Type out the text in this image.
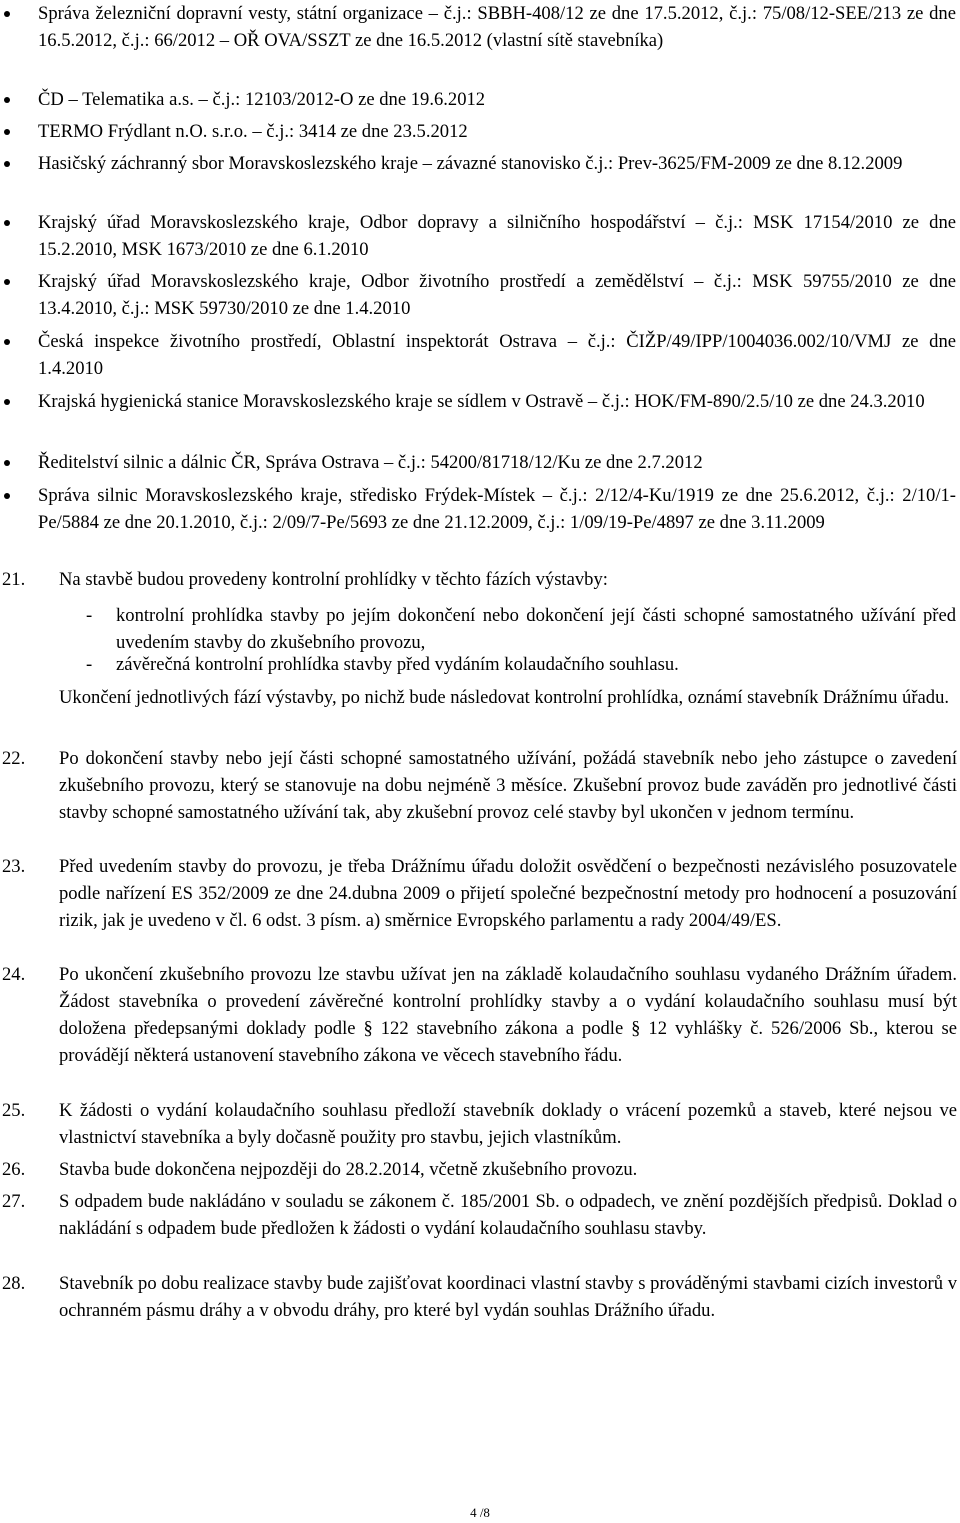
Správa železniční dopravní vesty, státní organizace – č.j.: SBBH-408/12 ze dne 17.5.2012, č.j.: 75/08/12-SEE/213 ze dne 16.5.2012, č.j.: 66/2012 – OŘ OVA/SSZT ze dne 16.5.2012 (vlastní sítě stavebníka)
ČD – Telematika a.s. – č.j.: 12103/2012-O ze dne 19.6.2012
TERMO Frýdlant n.O. s.r.o. – č.j.: 3414 ze dne 23.5.2012
Hasičský záchranný sbor Moravskoslezského kraje – závazné stanovisko č.j.: Prev-3625/FM-2009 ze dne 8.12.2009
Krajský úřad Moravskoslezského kraje, Odbor dopravy a silničního hospodářství – č.j.: MSK 17154/2010 ze dne 15.2.2010, MSK 1673/2010 ze dne 6.1.2010
Krajský úřad Moravskoslezského kraje, Odbor životního prostředí a zemědělství – č.j.: MSK 59755/2010 ze dne 13.4.2010, č.j.: MSK 59730/2010 ze dne 1.4.2010
Česká inspekce životního prostředí, Oblastní inspektorát Ostrava – č.j.: ČIŽP/49/IPP/1004036.002/10/VMJ ze dne 1.4.2010
Krajská hygienická stanice Moravskoslezského kraje se sídlem v Ostravě – č.j.: HOK/FM-890/2.5/10 ze dne 24.3.2010
Ředitelství silnic a dálnic ČR, Správa Ostrava – č.j.: 54200/81718/12/Ku ze dne 2.7.2012
Správa silnic Moravskoslezského kraje, středisko Frýdek-Místek – č.j.: 2/12/4-Ku/1919 ze dne 25.6.2012, č.j.: 2/10/1-Pe/5884 ze dne 20.1.2010, č.j.: 2/09/7-Pe/5693 ze dne 21.12.2009, č.j.: 1/09/19-Pe/4897 ze dne 3.11.2009
21. Na stavbě budou provedeny kontrolní prohlídky v těchto fázích výstavby:
- kontrolní prohlídka stavby po jejím dokončení nebo dokončení její části schopné samostatného užívání před uvedením stavby do zkušebního provozu,
- závěrečná kontrolní prohlídka stavby před vydáním kolaudačního souhlasu.
Ukončení jednotlivých fází výstavby, po nichž bude následovat kontrolní prohlídka, oznámí stavebník Drážnímu úřadu.
22. Po dokončení stavby nebo její části schopné samostatného užívání, požádá stavebník nebo jeho zástupce o zavedení zkušebního provozu, který se stanovuje na dobu nejméně 3 měsíce. Zkušební provoz bude zaváděn pro jednotlivé části stavby schopné samostatného užívání tak, aby zkušební provoz celé stavby byl ukončen v jednom termínu.
23. Před uvedením stavby do provozu, je třeba Drážnímu úřadu doložit osvědčení o bezpečnosti nezávislého posuzovatele podle nařízení ES 352/2009 ze dne 24.dubna 2009 o přijetí společné bezpečnostní metody pro hodnocení a posuzování rizik, jak je uvedeno v čl. 6 odst. 3 písm. a) směrnice Evropského parlamentu a rady 2004/49/ES.
24. Po ukončení zkušebního provozu lze stavbu užívat jen na základě kolaudačního souhlasu vydaného Drážním úřadem. Žádost stavebníka o provedení závěrečné kontrolní prohlídky stavby a o vydání kolaudačního souhlasu musí být doložena předepsanými doklady podle § 122 stavebního zákona a podle § 12 vyhlášky č. 526/2006 Sb., kterou se provádějí některá ustanovení stavebního zákona ve věcech stavebního řádu.
25. K žádosti o vydání kolaudačního souhlasu předloží stavebník doklady o vrácení pozemků a staveb, které nejsou ve vlastnictví stavebníka a byly dočasně použity pro stavbu, jejich vlastníkům.
26. Stavba bude dokončena nejpozději do 28.2.2014, včetně zkušebního provozu.
27. S odpadem bude nakládáno v souladu se zákonem č. 185/2001 Sb. o odpadech, ve znění pozdějších předpisů. Doklad o nakládání s odpadem bude předložen k žádosti o vydání kolaudačního souhlasu stavby.
28. Stavebník po dobu realizace stavby bude zajišťovat koordinaci vlastní stavby s prováděnými stavbami cizích investorů v ochranném pásmu dráhy a v obvodu dráhy, pro které byl vydán souhlas Drážního úřadu.
4 /8
